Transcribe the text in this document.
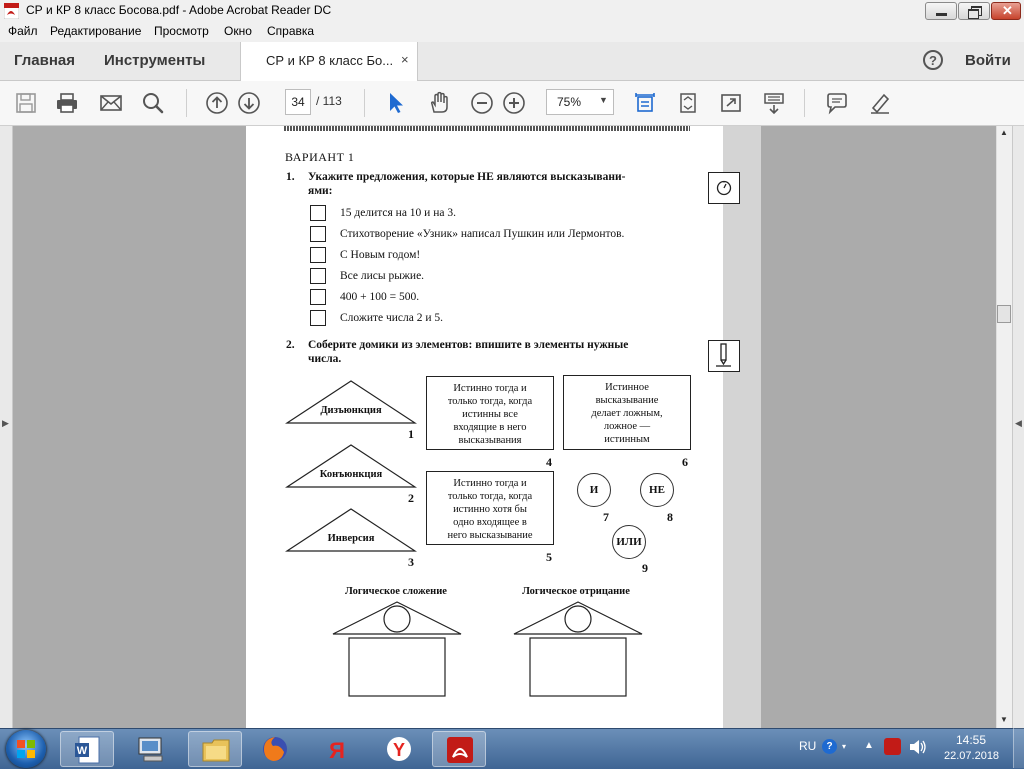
СР и КР 8 класс Босова.pdf - Adobe Acrobat Reader DC	✕
Файл Редактирование Просмотр Окно Справка
Главная Инструменты	?	Войти
СР и КР 8 класс Бо... ×
34 / 113	75% ▼
▶
ВАРИАНТ 1
1. Укажите предложения, которые НЕ являются высказывани-
ями:
15 делится на 10 и на 3.
Стихотворение «Узник» написал Пушкин или Лермонтов.
С Новым годом!
Все лисы рыжие.
400 + 100 = 500.
Сложите числа 2 и 5.
2. Соберите домики из элементов: впишите в элементы нужные
числа.
Дизъюнкция
1
Конъюнкция
2
Инверсия
3
Истинно тогда и
только тогда, когда
истинны все
входящие в него
высказывания
4
Истинно тогда и
только тогда, когда
истинно хотя бы
одно входящее в
него высказывание
5
Истинное
высказывание
делает ложным,
ложное —
истинным
6
И
7
НЕ
8
ИЛИ
9
Логическое сложение	Логическое отрицание
▲
▼
◀
W	Я	Y	RU	?	▾ ▲	14:55
22.07.2018
